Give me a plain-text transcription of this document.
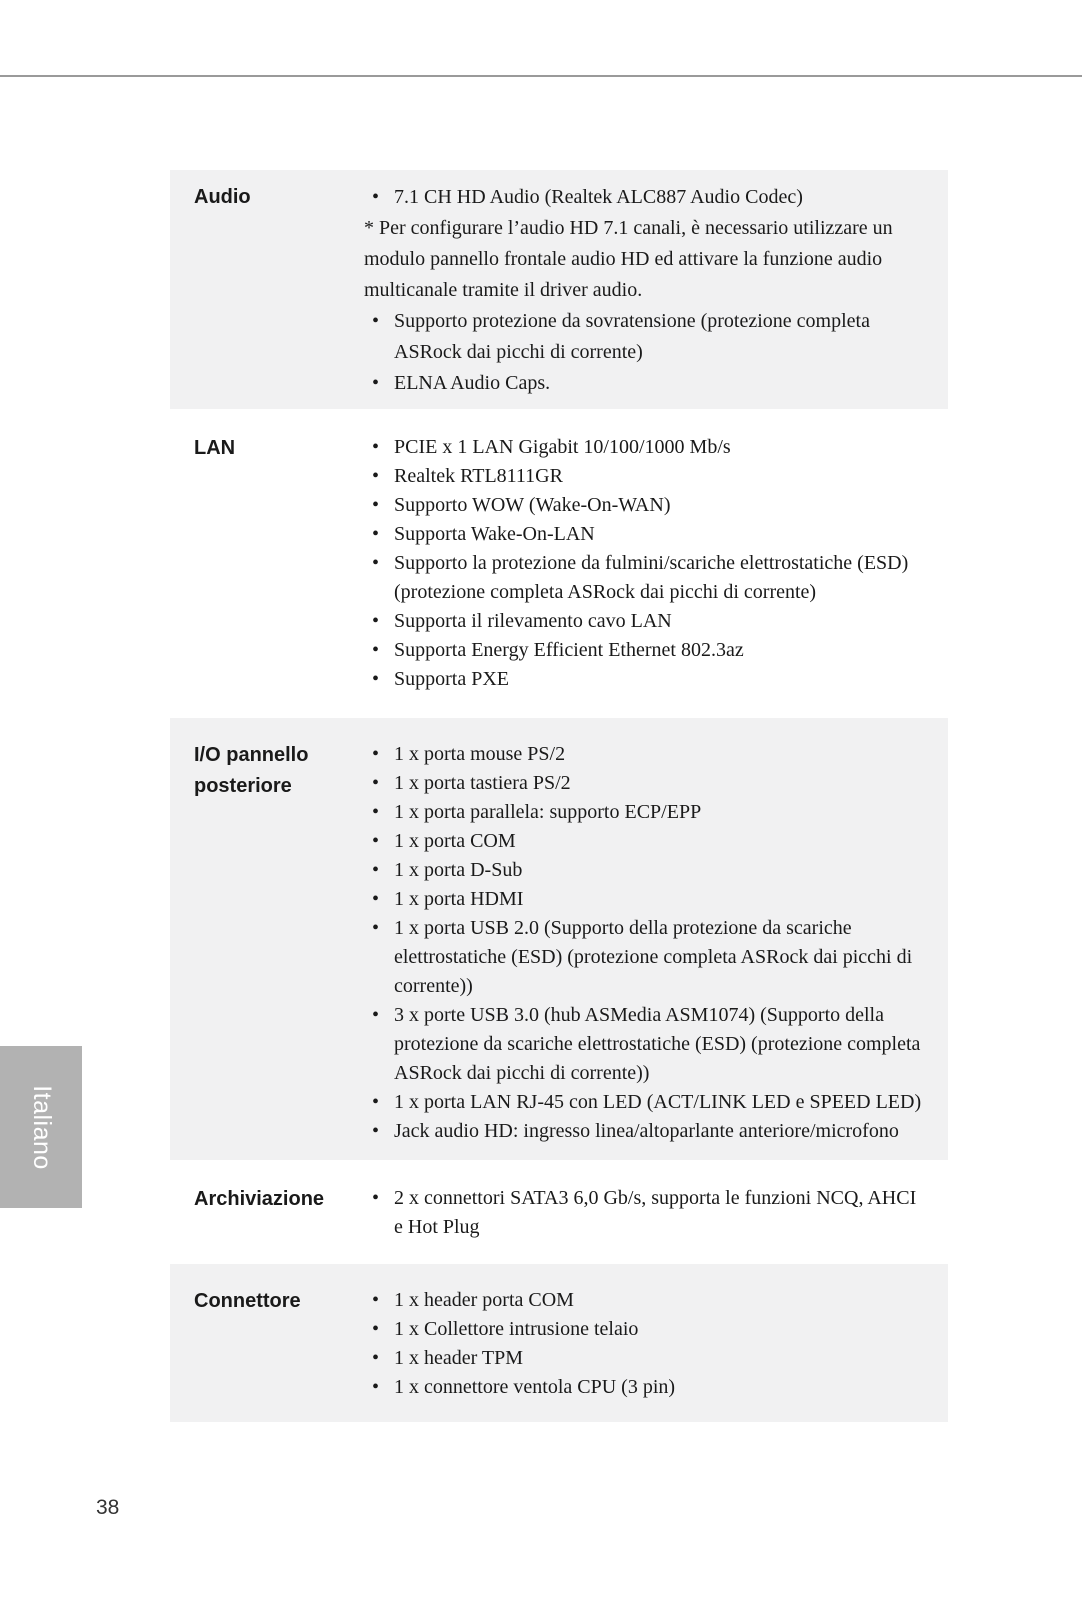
Audio	• 7.1 CH HD Audio (Realtek ALC887 Audio Codec)

* Per configurare l’audio HD 7.1 canali, è necessario utilizzare un modulo pannello frontale audio HD ed attivare la funzione audio multicanale tramite il driver audio.

• Supporto protezione da sovratensione (protezione completa ASRock dai picchi di corrente)
• ELNA Audio Caps.
LAN	• PCIE x 1 LAN Gigabit 10/100/1000 Mb/s
• Realtek RTL8111GR
• Supporto WOW (Wake-On-WAN)
• Supporta Wake-On-LAN
• Supporto la protezione da fulmini/scariche elettrostatiche (ESD) (protezione completa ASRock dai picchi di corrente)
• Supporta il rilevamento cavo LAN
• Supporta Energy Efficient Ethernet 802.3az
• Supporta PXE
I/O pannello posteriore
• 1 x porta mouse PS/2
• 1 x porta tastiera PS/2
• 1 x porta parallela: supporto ECP/EPP
• 1 x porta COM
• 1 x porta D-Sub
• 1 x porta HDMI
• 1 x porta USB 2.0 (Supporto della protezione da scariche elettrostatiche (ESD) (protezione completa ASRock dai picchi di corrente))
• 3 x porte USB 3.0 (hub ASMedia ASM1074) (Supporto della protezione da scariche elettrostatiche (ESD) (protezione completa ASRock dai picchi di corrente))
• 1 x porta LAN RJ-45 con LED (ACT/LINK LED e SPEED LED)
• Jack audio HD: ingresso linea/altoparlante anteriore/microfono
Archiviazione	• 2 x connettori SATA3 6,0 Gb/s, supporta le funzioni NCQ, AHCI e Hot Plug
Connettore	• 1 x header porta COM
• 1 x Collettore intrusione telaio
• 1 x header TPM
• 1 x connettore ventola CPU (3 pin)
Italiano
38
